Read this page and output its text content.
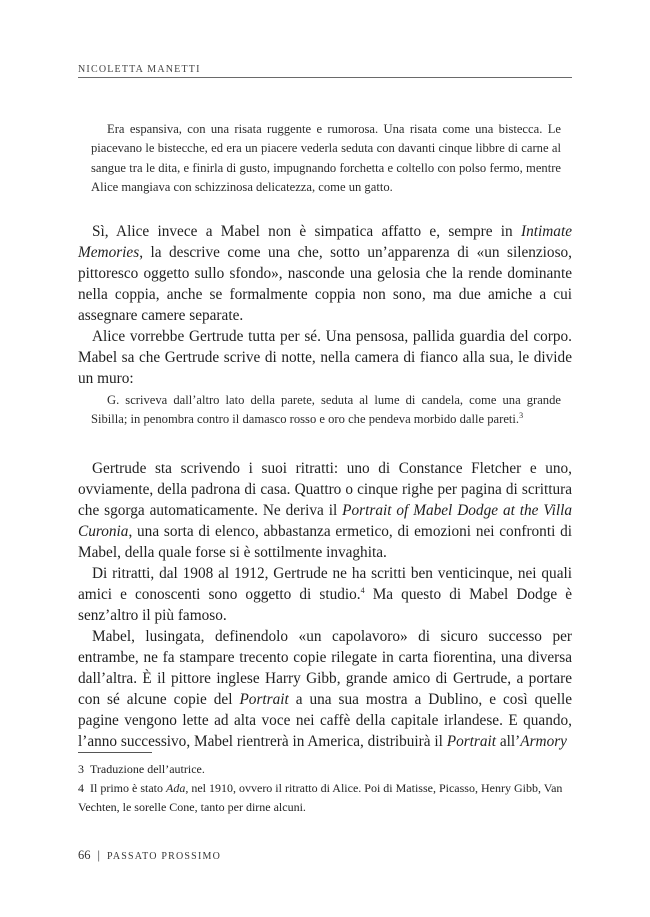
NICOLETTA MANETTI
Era espansiva, con una risata ruggente e rumorosa. Una risata come una bistecca. Le piacevano le bistecche, ed era un piacere vederla seduta con davanti cinque libbre di carne al sangue tra le dita, e finirla di gusto, impugnando forchetta e coltello con polso fermo, mentre Alice mangiava con schizzinosa delicatezza, come un gatto.

Sì, Alice invece a Mabel non è simpatica affatto e, sempre in Intimate Memories, la descrive come una che, sotto un’apparenza di «un silenzioso, pittoresco oggetto sullo sfondo», nasconde una gelosia che la rende dominante nella coppia, anche se formalmente coppia non sono, ma due amiche a cui assegnare camere separate.

Alice vorrebbe Gertrude tutta per sé. Una pensosa, pallida guardia del corpo. Mabel sa che Gertrude scrive di notte, nella camera di fianco alla sua, le divide un muro:

G. scriveva dall’altro lato della parete, seduta al lume di candela, come una grande Sibilla; in penombra contro il damasco rosso e oro che pendeva morbido dalle pareti.$^3$

Gertrude sta scrivendo i suoi ritratti: uno di Constance Fletcher e uno, ovviamente, della padrona di casa. Quattro o cinque righe per pagina di scrittura che sgorga automaticamente. Ne deriva il Portrait of Mabel Dodge at the Villa Curonia, una sorta di elenco, abbastanza ermetico, di emozioni nei confronti di Mabel, della quale forse si è sottilmente invaghita.

Di ritratti, dal 1908 al 1912, Gertrude ne ha scritti ben venticinque, nei quali amici e conoscenti sono oggetto di studio.$^4$ Ma questo di Mabel Dodge è senz’altro il più famoso.

Mabel, lusingata, definendolo «un capolavoro» di sicuro successo per entrambe, ne fa stampare trecento copie rilegate in carta fiorentina, una diversa dall’altra. È il pittore inglese Harry Gibb, grande amico di Gertrude, a portare con sé alcune copie del Portrait a una sua mostra a Dublino, e così quelle pagine vengono lette ad alta voce nei caffè della capitale irlandese. E quando, l’anno successivo, Mabel rientrerà in America, distribuirà il Portrait all’Armory

3 Traduzione dell’autrice.

4 Il primo è stato Ada, nel 1910, ovvero il ritratto di Alice. Poi di Matisse, Picasso, Henry Gibb, Van Vechten, le sorelle Cone, tanto per dirne alcuni.

66 | PASSATO PROSSIMO
